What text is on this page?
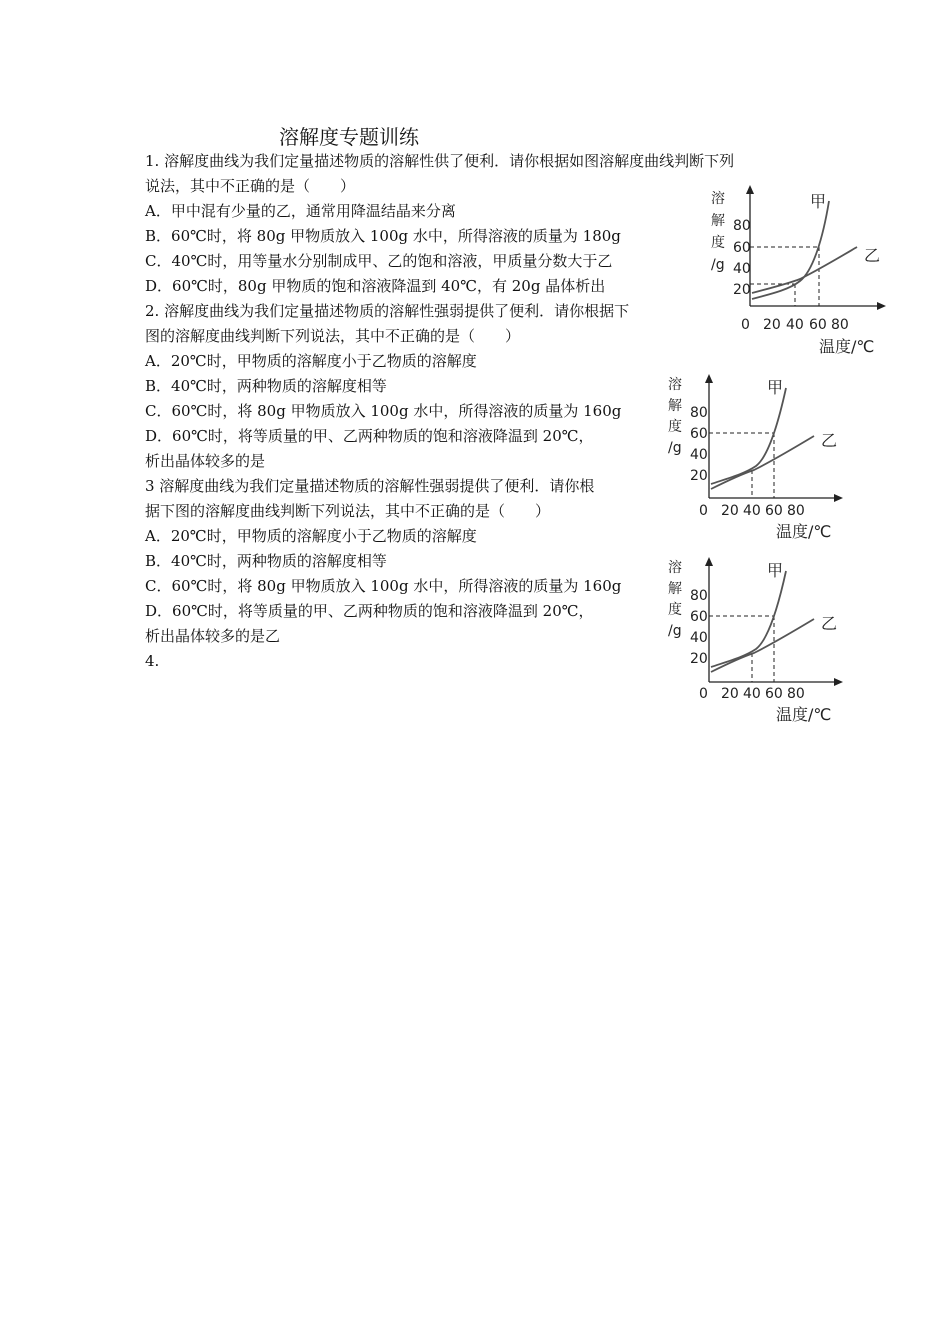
溶解度专题训练
1. 溶解度曲线为我们定量描述物质的溶解性供了便利．请你根据如图溶解度曲线判断下列
说法，其中不正确的是（　　）
A．甲中混有少量的乙，通常用降温结晶来分离
B．60℃时，将 80g 甲物质放入 100g 水中，所得溶液的质量为 180g
C．40℃时，用等量水分别制成甲、乙的饱和溶液，甲质量分数大于乙
D．60℃时，80g 甲物质的饱和溶液降温到 40℃，有 20g 晶体析出
2. 溶解度曲线为我们定量描述物质的溶解性强弱提供了便利．请你根据下
图的溶解度曲线判断下列说法，其中不正确的是（　　）
A．20℃时，甲物质的溶解度小于乙物质的溶解度
B．40℃时，两种物质的溶解度相等
C．60℃时，将 80g 甲物质放入 100g 水中，所得溶液的质量为 160g
D．60℃时，将等质量的甲、乙两种物质的饱和溶液降温到 20℃，
析出晶体较多的是
3 溶解度曲线为我们定量描述物质的溶解性强弱提供了便利．请你根
据下图的溶解度曲线判断下列说法，其中不正确的是（　　）
A．20℃时，甲物质的溶解度小于乙物质的溶解度
B．40℃时，两种物质的溶解度相等
C．60℃时，将 80g 甲物质放入 100g 水中，所得溶液的质量为 160g
D．60℃时，将等质量的甲、乙两种物质的饱和溶液降温到 20℃，
析出晶体较多的是乙
4.
溶
解
度
/g
80
60
40
20
0 20 40 60 80
温度/℃
甲
乙
溶
解
度
/g
80
60
40
20
0 20 40 60 80
温度/℃
甲
乙
溶
解
度
/g
80
60
40
20
0 20 40 60 80
温度/℃
甲
乙
